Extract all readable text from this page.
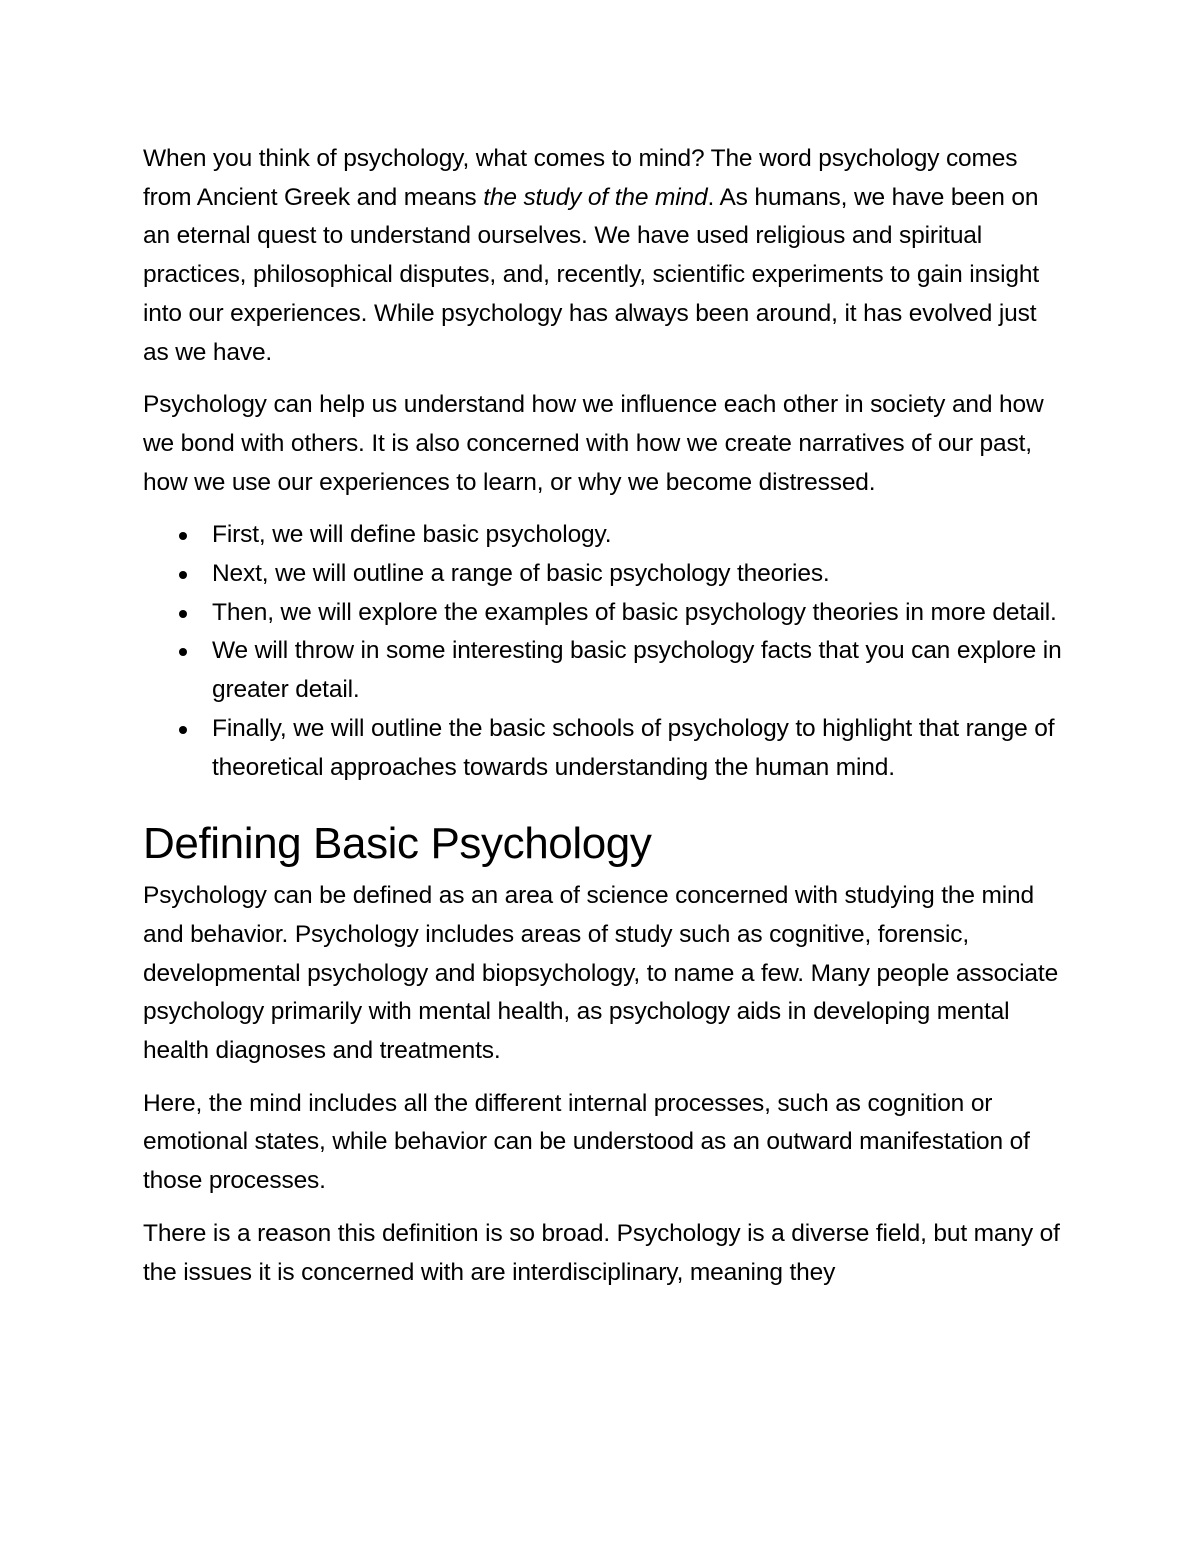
When you think of psychology, what comes to mind? The word psychology comes from Ancient Greek and means the study of the mind. As humans, we have been on an eternal quest to understand ourselves. We have used religious and spiritual practices, philosophical disputes, and, recently, scientific experiments to gain insight into our experiences. While psychology has always been around, it has evolved just as we have.

Psychology can help us understand how we influence each other in society and how we bond with others. It is also concerned with how we create narratives of our past, how we use our experiences to learn, or why we become distressed.

First, we will define basic psychology.
Next, we will outline a range of basic psychology theories.
Then, we will explore the examples of basic psychology theories in more detail.
We will throw in some interesting basic psychology facts that you can explore in greater detail.
Finally, we will outline the basic schools of psychology to highlight that range of theoretical approaches towards understanding the human mind.
Defining Basic Psychology

Psychology can be defined as an area of science concerned with studying the mind and behavior. Psychology includes areas of study such as cognitive, forensic, developmental psychology and biopsychology, to name a few. Many people associate psychology primarily with mental health, as psychology aids in developing mental health diagnoses and treatments.

Here, the mind includes all the different internal processes, such as cognition or emotional states, while behavior can be understood as an outward manifestation of those processes.

There is a reason this definition is so broad. Psychology is a diverse field, but many of the issues it is concerned with are interdisciplinary, meaning they
